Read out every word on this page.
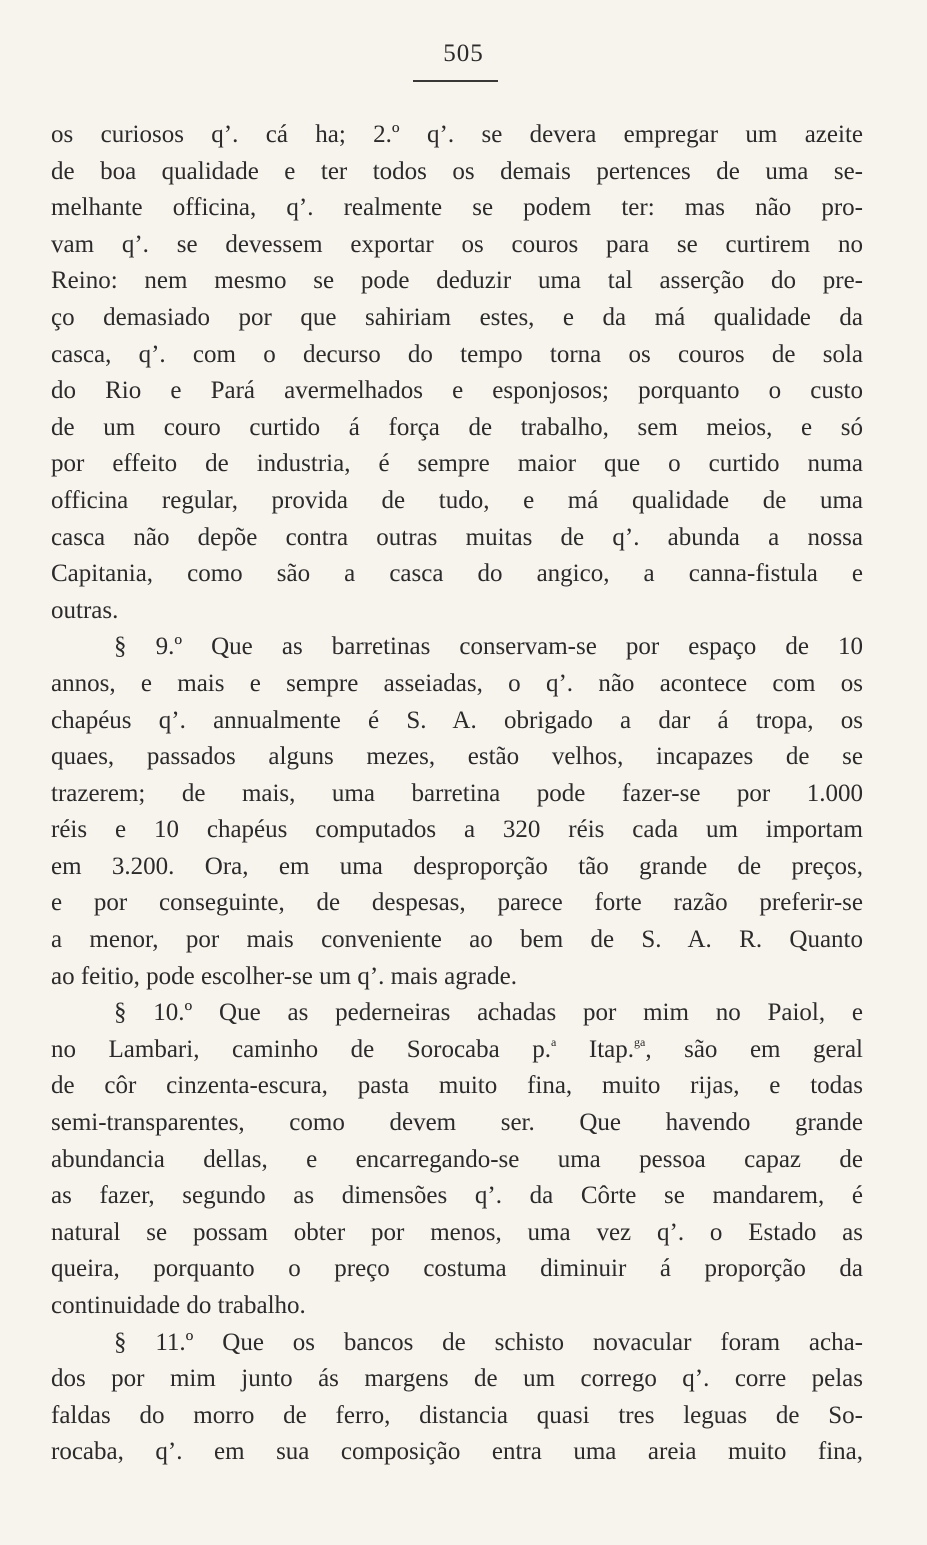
505
os curiosos q’. cá ha; 2.º q’. se devera empregar um azeite
de boa qualidade e ter todos os demais pertences de uma se-
melhante officina, q’. realmente se podem ter: mas não pro-
vam q’. se devessem exportar os couros para se curtirem no
Reino: nem mesmo se pode deduzir uma tal asserção do pre-
ço demasiado por que sahiriam estes, e da má qualidade da
casca, q’. com o decurso do tempo torna os couros de sola
do Rio e Pará avermelhados e esponjosos; porquanto o custo
de um couro curtido á força de trabalho, sem meios, e só
por effeito de industria, é sempre maior que o curtido numa
officina regular, provida de tudo, e má qualidade de uma
casca não depõe contra outras muitas de q’. abunda a nossa
Capitania, como são a casca do angico, a canna-fistula e
outras.
§ 9.º Que as barretinas conservam-se por espaço de 10
annos, e mais e sempre asseiadas, o q’. não acontece com os
chapéus q’. annualmente é S. A. obrigado a dar á tropa, os
quaes, passados alguns mezes, estão velhos, incapazes de se
trazerem; de mais, uma barretina pode fazer-se por 1.000
réis e 10 chapéus computados a 320 réis cada um importam
em 3.200. Ora, em uma desproporção tão grande de preços,
e por conseguinte, de despesas, parece forte razão preferir-se
a menor, por mais conveniente ao bem de S. A. R. Quanto
ao feitio, pode escolher-se um q’. mais agrade.
§ 10.º Que as pederneiras achadas por mim no Paiol, e
no Lambari, caminho de Sorocaba p.$^a$ Itap.$^{ga}$, são em geral
de côr cinzenta-escura, pasta muito fina, muito rijas, e todas
semi-transparentes, como devem ser. Que havendo grande
abundancia dellas, e encarregando-se uma pessoa capaz de
as fazer, segundo as dimensões q’. da Côrte se mandarem, é
natural se possam obter por menos, uma vez q’. o Estado as
queira, porquanto o preço costuma diminuir á proporção da
continuidade do trabalho.
§ 11.º Que os bancos de schisto novacular foram acha-
dos por mim junto ás margens de um corrego q’. corre pelas
faldas do morro de ferro, distancia quasi tres leguas de So-
rocaba, q’. em sua composição entra uma areia muito fina,
